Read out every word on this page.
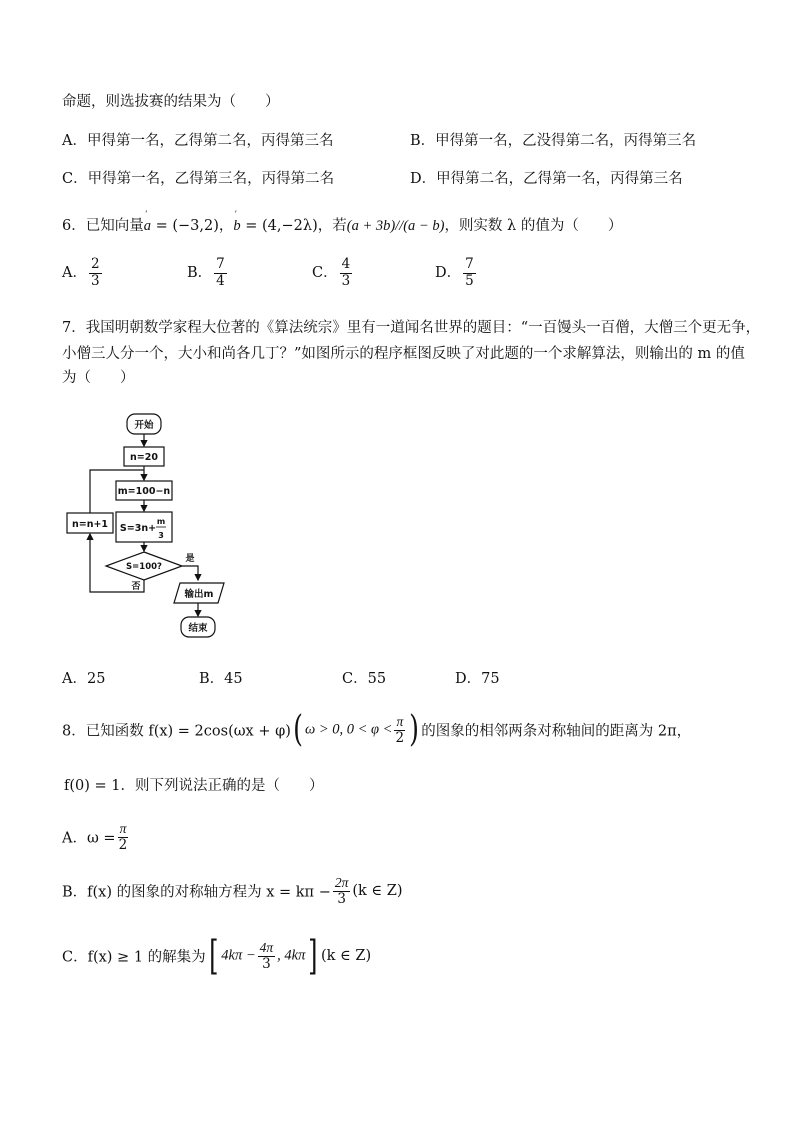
命题，则选拔赛的结果为（　　）
A．甲得第一名，乙得第二名，丙得第三名	B．甲得第一名，乙没得第二名，丙得第三名
C．甲得第一名，乙得第三名，丙得第二名	D．甲得第二名，乙得第一名，丙得第三名
6．已知向量' a = (−3,2)，' b = (4,−2λ)，若(a + 3b)//(a − b)，则实数 λ 的值为（　　）
A． $\frac{2}{3}$	B． $\frac{7}{4}$	C． $\frac{4}{3}$	D． $\frac{7}{5}$
7．我国明朝数学家程大位著的《算法统宗》里有一道闻名世界的题目：“一百馒头一百僧，大僧三个更无争，
小僧三人分一个，大小和尚各几丁？”如图所示的程序框图反映了对此题的一个求解算法，则输出的 m 的值
为（　　）
开始
n=20
m=100−n
S=3n+
m
3
n=n+1
S=100?
是
否
输出m
结束
A．25	B．45	C．55	D．75
8．已知函数 f(x) = 2cos(ωx + φ)( ω > 0, $0 < \varphi < \frac{\pi}{2}$ ) 的图象的相邻两条对称轴间的距离为 2π，
f(0) = 1．则下列说法正确的是（　　）
A．$\omega = \frac{\pi}{2}$
B．f(x) 的图象的对称轴方程为 $x = k\pi - \frac{2\pi}{3} (k$ ∈ Z)
C．f(x) ≥ 1 的解集为[ $4k\pi - \frac{4\pi}{3}$ , 4kπ] (k ∈ Z)
